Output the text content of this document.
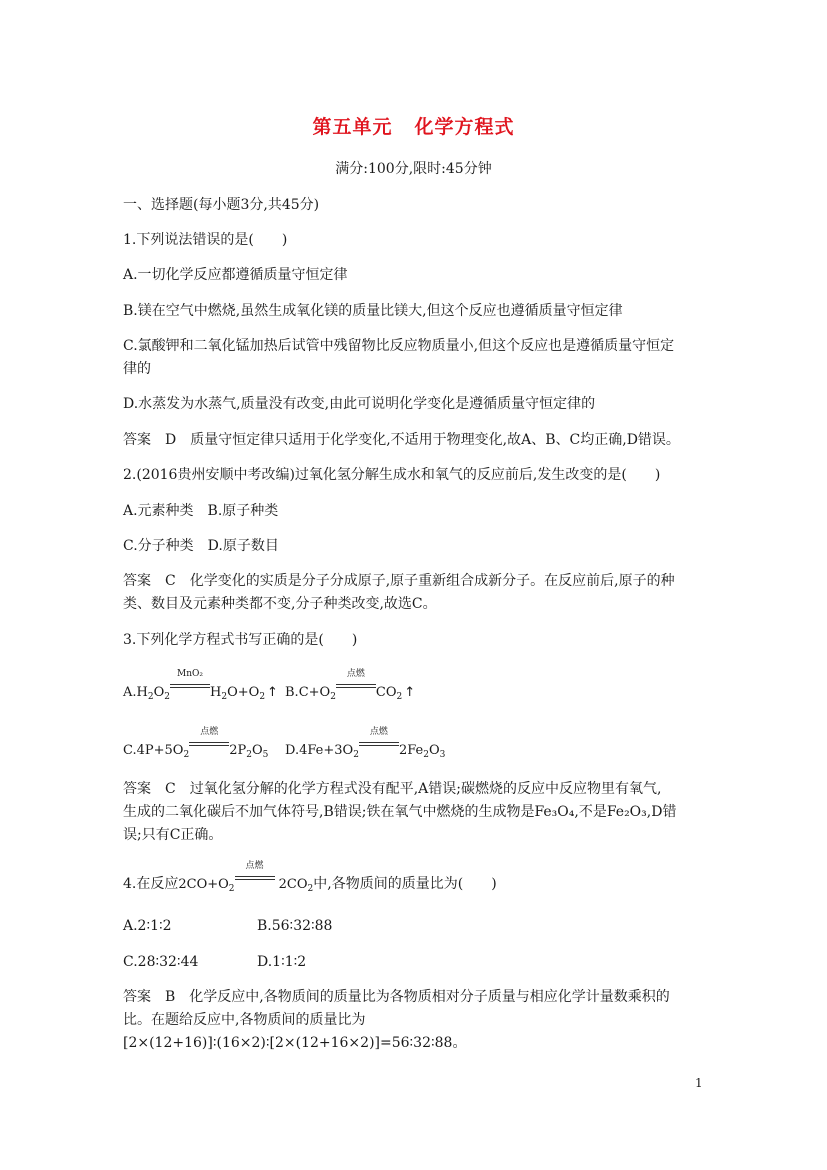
第五单元 化学方程式
满分:100分,限时:45分钟
一、选择题(每小题3分,共45分)
1.下列说法错误的是(　　)
A.一切化学反应都遵循质量守恒定律
B.镁在空气中燃烧,虽然生成氧化镁的质量比镁大,但这个反应也遵循质量守恒定律
C.氯酸钾和二氧化锰加热后试管中残留物比反应物质量小,但这个反应也是遵循质量守恒定
律的
D.水蒸发为水蒸气,质量没有改变,由此可说明化学变化是遵循质量守恒定律的
答案 D 质量守恒定律只适用于化学变化,不适用于物理变化,故A、B、C均正确,D错误。
2.(2016贵州安顺中考改编)过氧化氢分解生成水和氧气的反应前后,发生改变的是(　　)
A.元素种类　B.原子种类
C.分子种类　D.原子数目
答案 C 化学变化的实质是分子分成原子,原子重新组合成新分子。在反应前后,原子的种
类、数目及元素种类都不变,分子种类改变,故选C。
3.下列化学方程式书写正确的是(　　)
$A.H_2O_2$
MnO₂
$H_2O+O_2$ ↑ $B.C+O_2$
点燃
$CO_2$ ↑
$C.4P+5O_2$
点燃
$2P_2O_5$ $D.4Fe+3O_2$
点燃
$2Fe_2O_3$
答案 C 过氧化氢分解的化学方程式没有配平,A错误;碳燃烧的反应中反应物里有氧气,
生成的二氧化碳后不加气体符号,B错误;铁在氧气中燃烧的生成物是Fe₃O₄,不是Fe₂O₃,D错
误;只有C正确。
4.在反应$2CO+O_2$
点燃
$2CO_2$中,各物质间的质量比为(　　)
A.2∶1∶2	B.56∶32∶88
C.28∶32∶44	D.1∶1∶2
答案 B 化学反应中,各物质间的质量比为各物质相对分子质量与相应化学计量数乘积的
比。在题给反应中,各物质间的质量比为
[2×(12+16)]∶(16×2)∶[2×(12+16×2)]=56∶32∶88。
1
